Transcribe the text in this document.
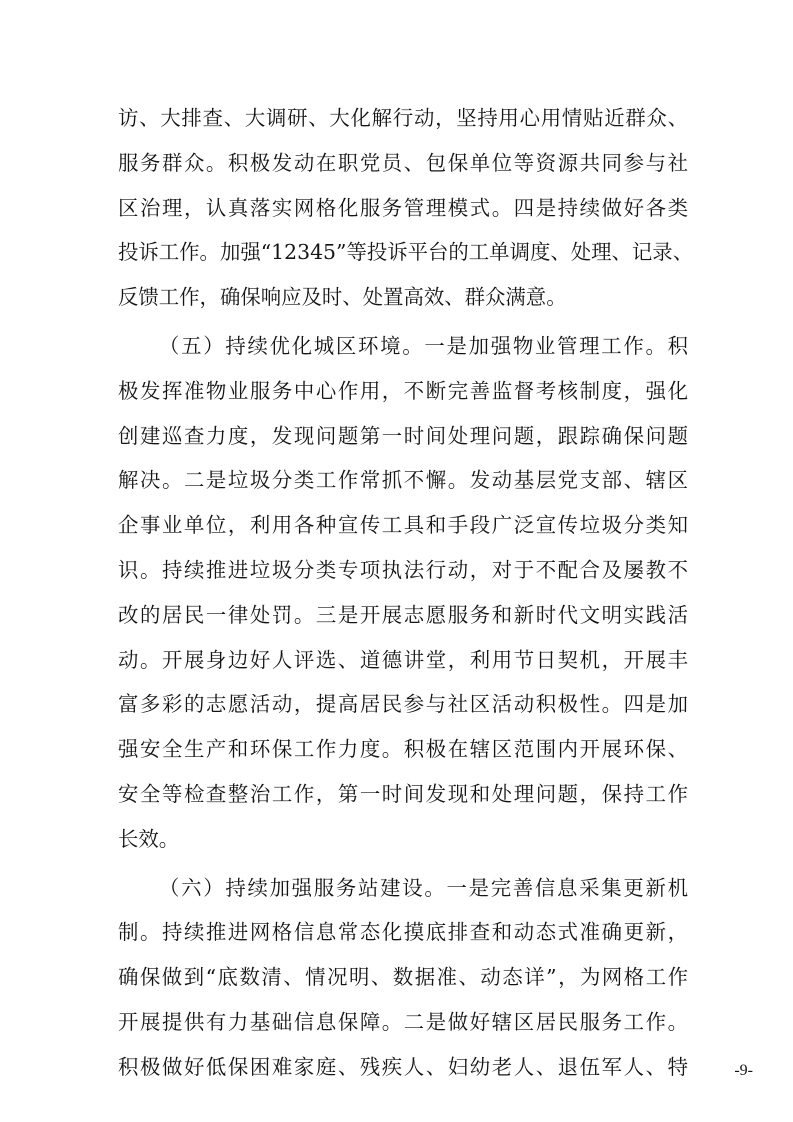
访、大排查、大调研、大化解行动，坚持用心用情贴近群众、
服务群众。积极发动在职党员、包保单位等资源共同参与社
区治理，认真落实网格化服务管理模式。四是持续做好各类
投诉工作。加强“12345”等投诉平台的工单调度、处理、记录、
反馈工作，确保响应及时、处置高效、群众满意。
（五）持续优化城区环境。一是加强物业管理工作。积
极发挥准物业服务中心作用，不断完善监督考核制度，强化
创建巡查力度，发现问题第一时间处理问题，跟踪确保问题
解决。二是垃圾分类工作常抓不懈。发动基层党支部、辖区
企事业单位，利用各种宣传工具和手段广泛宣传垃圾分类知
识。持续推进垃圾分类专项执法行动，对于不配合及屡教不
改的居民一律处罚。三是开展志愿服务和新时代文明实践活
动。开展身边好人评选、道德讲堂，利用节日契机，开展丰
富多彩的志愿活动，提高居民参与社区活动积极性。四是加
强安全生产和环保工作力度。积极在辖区范围内开展环保、
安全等检查整治工作，第一时间发现和处理问题，保持工作
长效。
（六）持续加强服务站建设。一是完善信息采集更新机
制。持续推进网格信息常态化摸底排查和动态式准确更新，
确保做到“底数清、情况明、数据准、动态详”，为网格工作
开展提供有力基础信息保障。二是做好辖区居民服务工作。
积极做好低保困难家庭、残疾人、妇幼老人、退伍军人、特	-9-
